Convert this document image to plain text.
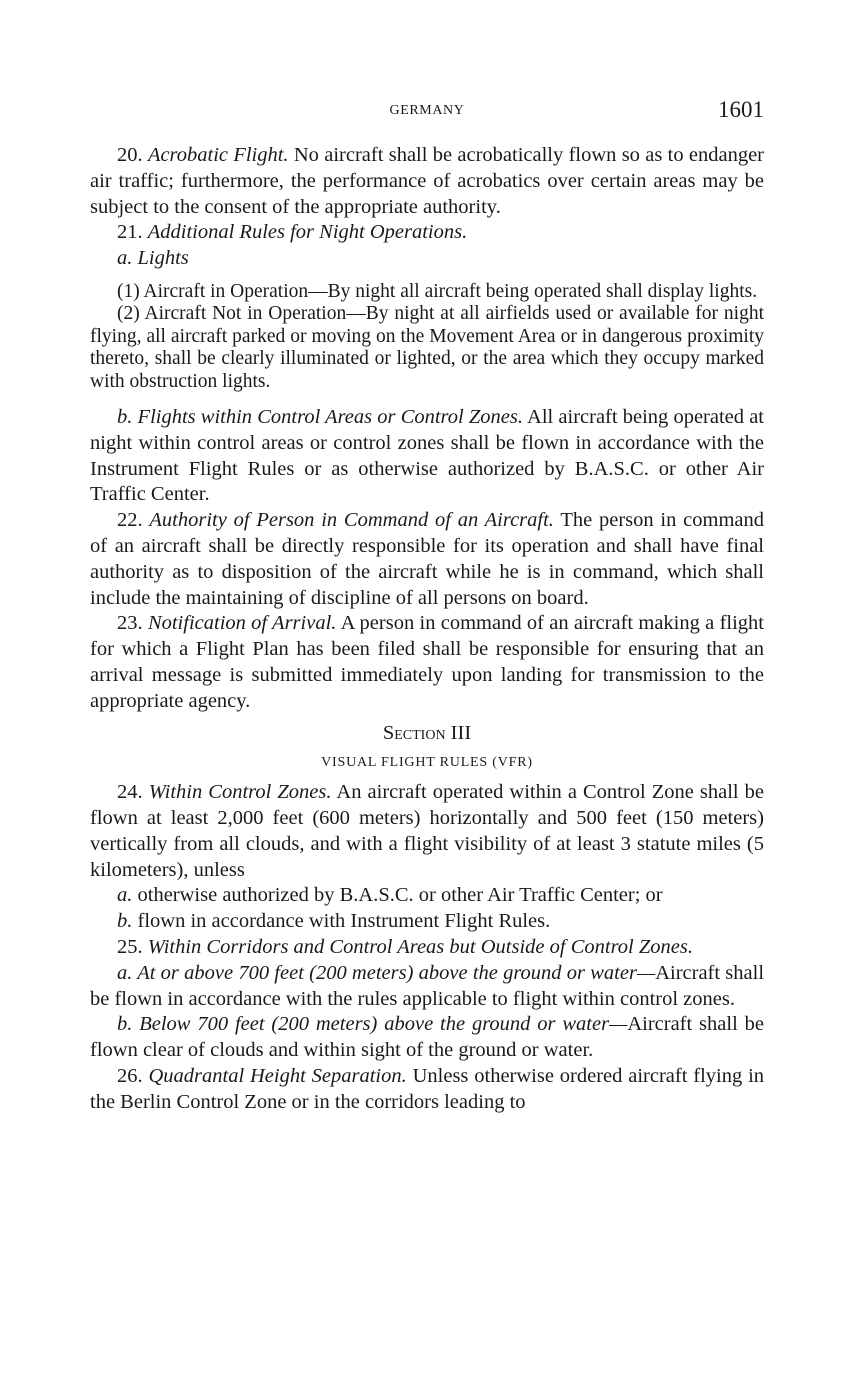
GERMANY	1601

20. Acrobatic Flight. No aircraft shall be acrobatically flown so as to endanger air traffic; furthermore, the performance of acrobatics over certain areas may be subject to the consent of the appropriate authority.

21. Additional Rules for Night Operations.

a. Lights

(1) Aircraft in Operation—By night all aircraft being operated shall display lights.

(2) Aircraft Not in Operation—By night at all airfields used or available for night flying, all aircraft parked or moving on the Movement Area or in dangerous proximity thereto, shall be clearly illuminated or lighted, or the area which they occupy marked with obstruction lights.

b. Flights within Control Areas or Control Zones. All aircraft being operated at night within control areas or control zones shall be flown in accordance with the Instrument Flight Rules or as otherwise authorized by B.A.S.C. or other Air Traffic Center.

22. Authority of Person in Command of an Aircraft. The person in command of an aircraft shall be directly responsible for its operation and shall have final authority as to disposition of the aircraft while he is in command, which shall include the maintaining of discipline of all persons on board.

23. Notification of Arrival. A person in command of an aircraft making a flight for which a Flight Plan has been filed shall be responsible for ensuring that an arrival message is submitted immediately upon landing for transmission to the appropriate agency.

Section III

VISUAL FLIGHT RULES (VFR)

24. Within Control Zones. An aircraft operated within a Control Zone shall be flown at least 2,000 feet (600 meters) horizontally and 500 feet (150 meters) vertically from all clouds, and with a flight visibility of at least 3 statute miles (5 kilometers), unless

a. otherwise authorized by B.A.S.C. or other Air Traffic Center; or

b. flown in accordance with Instrument Flight Rules.

25. Within Corridors and Control Areas but Outside of Control Zones.

a. At or above 700 feet (200 meters) above the ground or water—Aircraft shall be flown in accordance with the rules applicable to flight within control zones.

b. Below 700 feet (200 meters) above the ground or water—Aircraft shall be flown clear of clouds and within sight of the ground or water.

26. Quadrantal Height Separation. Unless otherwise ordered aircraft flying in the Berlin Control Zone or in the corridors leading to
